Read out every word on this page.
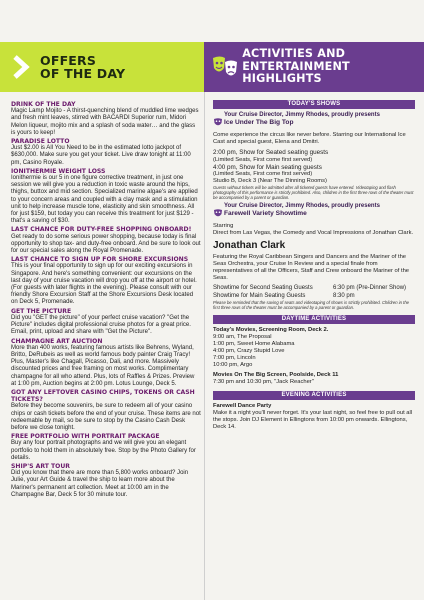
OFFERS
OF THE DAY
ACTIVITIES AND
ENTERTAINMENT HIGHLIGHTS
DRINK OF THE DAY

Magic Lamp Mojito - A thirst-quenching blend of muddled lime wedges and fresh mint leaves, stirred with BACARDI Superior rum, Midori Melon liqueur, mojito mix and a splash of soda water… and the glass is yours to keep!

PARADISE LOTTO

Just $2.00 is All You Need to be in the estimated lotto jackpot of $630,000. Make sure you get your ticket. Live draw tonight at 11:00 pm, Casino Royale.

IONITHERMIE WEIGHT LOSS

Ionithermie is our 5 in one figure corrective treatment, in just one session we will give you a reduction in toxic waste around the hips, thighs, buttox and mid section. Specialized marine algae's are applied to your concern areas and coupled with a clay mask and a stimulation unit to help increase muscle tone, elasticity and skin smoothness. All for just $159, but today you can receive this treatment for just $129 - that's a saving of $30.

LAST CHANCE FOR DUTY-FREE SHOPPING ONBOARD!

Get ready to do some serious power shopping, because today is final opportunity to shop tax- and duty-free onboard. And be sure to look out for our special sales along the Royal Promenade.

LAST CHANCE TO SIGN UP FOR SHORE EXCURSIONS

This is your final opportunity to sign up for our exciting excursions in Singapore. And here's something convenient: our excursions on the last day of your cruise vacation will drop you off at the airport or hotel. (For guests with later flights in the evening). Please consult with our friendly Shore Excursion Staff at the Shore Excursions Desk located on Deck 5, Promenade.

GET THE PICTURE

Did you "GET the picture" of your perfect cruise vacation? "Get the Picture" includes digital professional cruise photos for a great price. Email, print, upload and share with "Get the Picture".

CHAMPAGNE ART AUCTION

More than 400 works, featuring famous artists like Behrens, Wyland, Britto, DeRubeis as well as world famous body painter Craig Tracy! Plus, Master's like Chagall, Picasso, Dali, and more. Massively discounted prices and free framing on most works. Complimentary champagne for all who attend. Plus, lots of Raffles & Prizes. Preview at 1:00 pm, Auction begins at 2:00 pm. Lotus Lounge, Deck 5.

GOT ANY LEFTOVER CASINO CHIPS, TOKENS OR CASH TICKETS?

Before they become souvenirs, be sure to redeem all of your casino chips or cash tickets before the end of your cruise. These items are not redeemable by mail, so be sure to stop by the Casino Cash Desk before we close tonight.

FREE PORTFOLIO WITH PORTRAIT PACKAGE

Buy any four portrait photographs and we will give you an elegant portfolio to hold them in absolutely free. Stop by the Photo Gallery for details.

SHIP'S ART TOUR

Did you know that there are more than 5,800 works onboard? Join Julie, your Art Guide & travel the ship to learn more about the Mariner's permanent art collection. Meet at 10:00 am in the Champagne Bar, Deck 5 for 30 minute tour.

TODAY'S SHOWS
Your Cruise Director, Jimmy Rhodes, proudly presents
Ice Under The Big Top

Come experience the circus like never before. Starring our International Ice Cast and special guest, Elena and Dmitri.

2:00 pm, Show for Seated seating guests

(Limited Seats, First come first served)

4:00 pm, Show for Main seating guests

(Limited Seats, First come first served)

Studio B, Deck 3 (Near The Dinning Rooms)

Guests without tickets will be admitted after all ticketed guests have entered. Videotaping and flash photography of this performance is strictly prohibited. Also, children in the first three rows of the theater must be accompanied by a parent or guardian.

Your Cruise Director, Jimmy Rhodes, proudly presents
Farewell Variety Showtime

Starring

Direct from Las Vegas, the Comedy and Vocal Impressions of Jonathan Clark.

Jonathan Clark

Featuring the Royal Caribbean Singers and Dancers and the Mariner of the Seas Orchestra, your Cruise In Review and a special finale from representatives of all the Officers, Staff and Crew onboard the Mariner of the Seas.

Showtime for Second Seating Guests	6:30 pm (Pre-Dinner Show)
Showtime for Main Seating Guests	8:30 pm

Please be reminded that the saving of seats and videotaping of shows is strictly prohibited. Children in the first three rows of the theater must be accompanied by a parent or guardian.

DAYTIME ACTIVITIES

Today's Movies, Screening Room, Deck 2.

9:00 am, The Proposal

1:00 pm, Sweet Home Alabama

4:00 pm, Crazy Stupid Love

7:00 pm, Lincoln

10:00 pm, Argo

Movies On The Big Screen, Poolside, Deck 11

7:30 pm and 10:30 pm, "Jack Reacher"

EVENING ACTIVITIES

Farewell Dance Party

Make it a night you'll never forget. It's your last night, so feel free to pull out all the stops. Join DJ Element in Ellingtons from 10:00 pm onwards. Ellingtons, Deck 14.
